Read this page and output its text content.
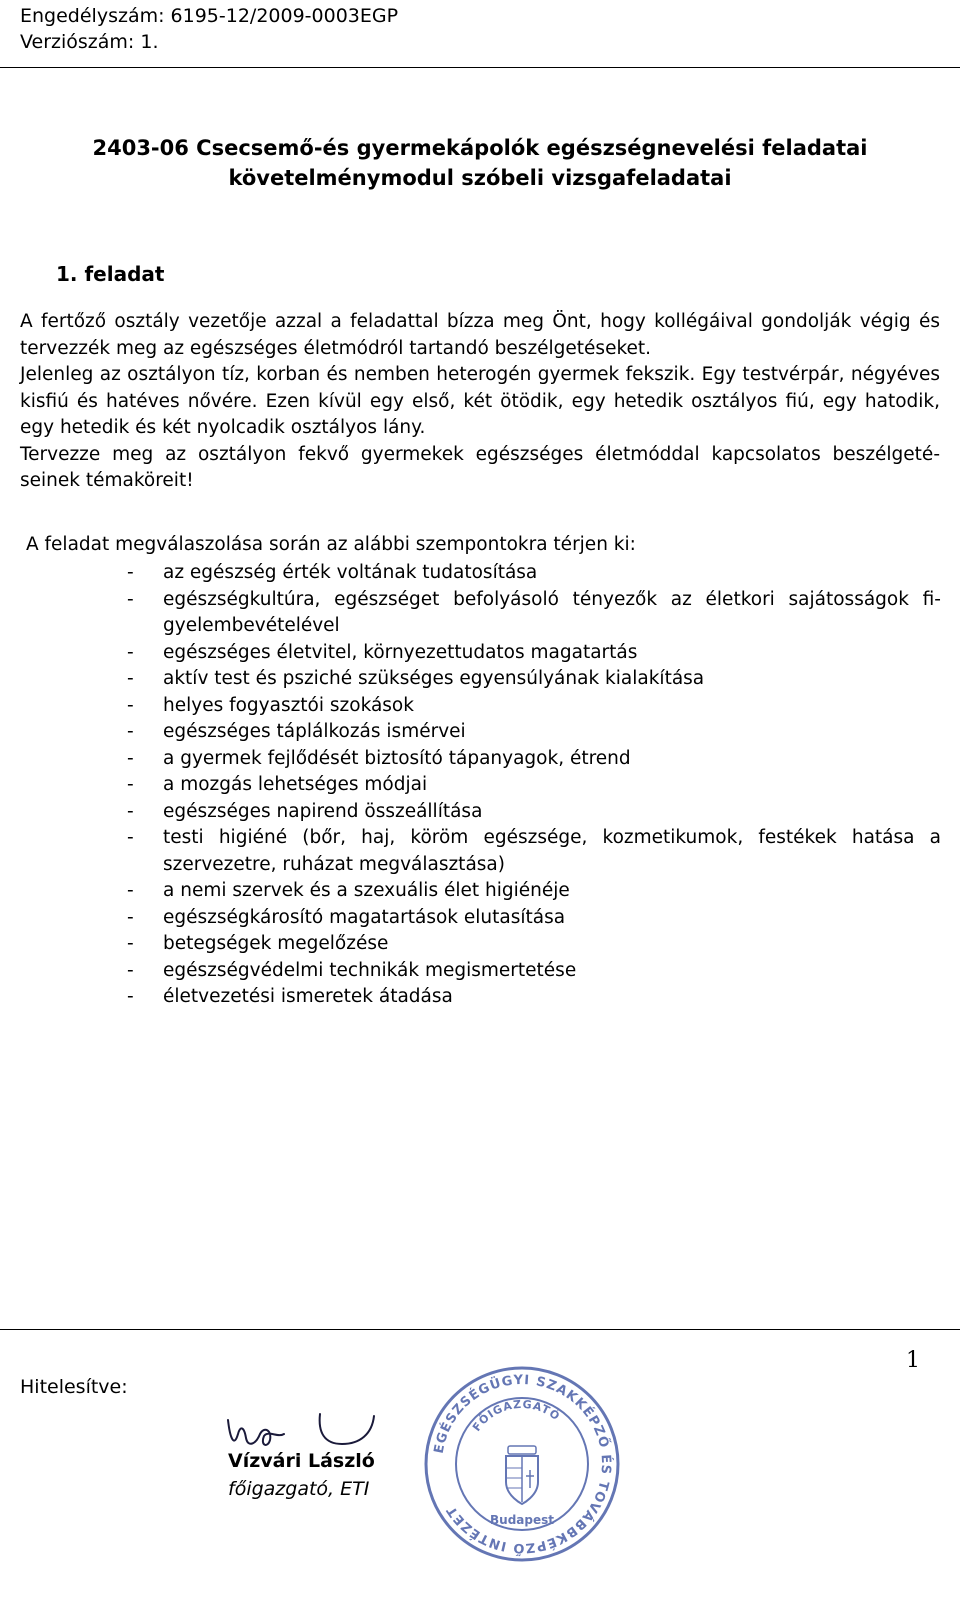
Engedélyszám: 6195-12/2009-0003EGP
Verziószám: 1.
2403-06 Csecsemő-és gyermekápolók egészségnevelési feladatai
követelménymodul szóbeli vizsgafeladatai
1. feladat

A fertőző osztály vezetője azzal a feladattal bízza meg Önt, hogy kollégáival gondolják végig és tervezzék meg az egészséges életmódról tartandó beszélgetéseket.

Jelenleg az osztályon tíz, korban és nemben heterogén gyermek fekszik. Egy testvérpár, négyéves kisfiú és hatéves nővére. Ezen kívül egy első, két ötödik, egy hetedik osztályos fiú, egy hatodik, egy hetedik és két nyolcadik osztályos lány.

Tervezze meg az osztályon fekvő gyermekek egészséges életmóddal kapcsolatos beszélgeté-seinek témaköreit!

A feladat megválaszolása során az alábbi szempontokra térjen ki:
- az egészség érték voltának tudatosítása
- egészségkultúra, egészséget befolyásoló tényezők az életkori sajátosságok fi-gyelembevételével
- egészséges életvitel, környezettudatos magatartás
- aktív test és psziché szükséges egyensúlyának kialakítása
- helyes fogyasztói szokások
- egészséges táplálkozás ismérvei
- a gyermek fejlődését biztosító tápanyagok, étrend
- a mozgás lehetséges módjai
- egészséges napirend összeállítása
- testi higiéné (bőr, haj, köröm egészsége, kozmetikumok, festékek hatása a szervezetre, ruházat megválasztása)
- a nemi szervek és a szexuális élet higiénéje
- egészségkárosító magatartások elutasítása
- betegségek megelőzése
- egészségvédelmi technikák megismertetése
- életvezetési ismeretek átadása
1
Hitelesítve:
Vízvári László
főigazgató, ETI
EGÉSZSÉGÜGYI SZAKKÉPZŐ ÉS TOVÁBBKÉPZŐ INTÉZET
FŐIGAZGATÓ
Budapest
